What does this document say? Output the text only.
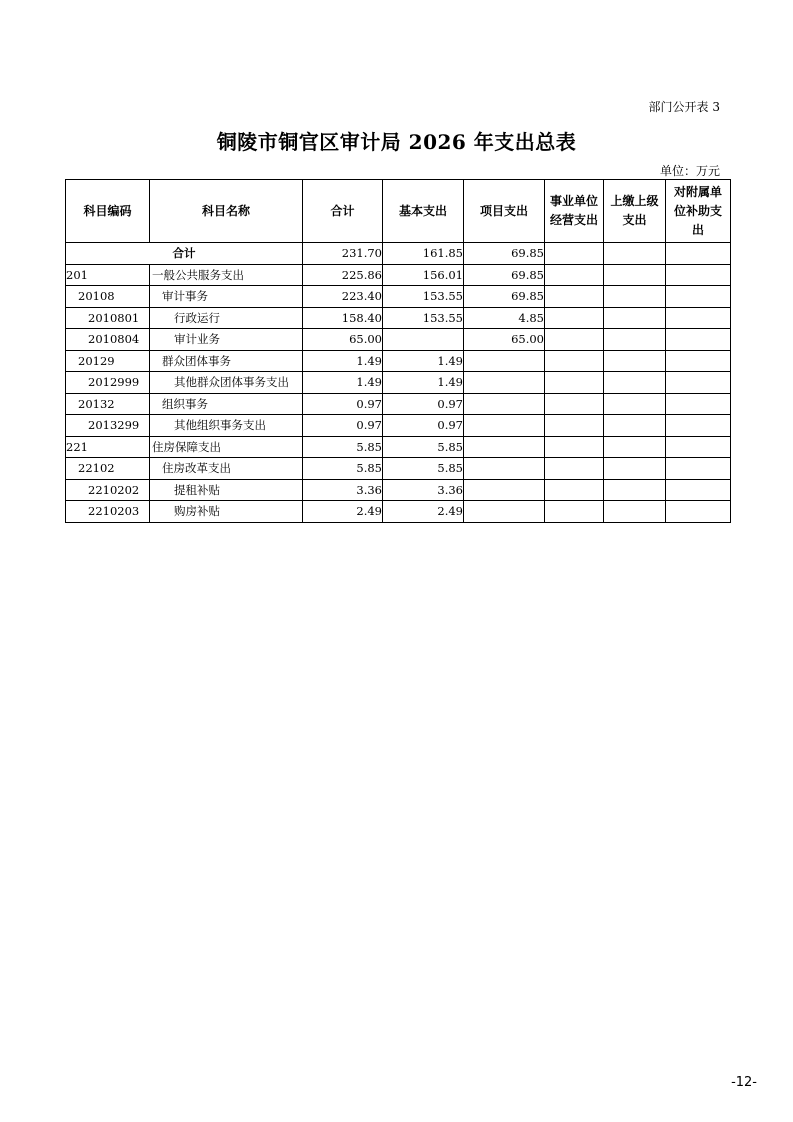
部门公开表 3
铜陵市铜官区审计局 2026 年支出总表
单位：万元
科目编码	科目名称	合计	基本支出	项目支出	事业单位经营支出	上缴上级支出	对附属单位补助支出
合计		231.70	161.85	69.85			
201	一般公共服务支出	225.86	156.01	69.85			
20108	审计事务	223.40	153.55	69.85			
2010801	行政运行	158.40	153.55	4.85			
2010804	审计业务	65.00		65.00			
20129	群众团体事务	1.49	1.49				
2012999	其他群众团体事务支出	1.49	1.49				
20132	组织事务	0.97	0.97				
2013299	其他组织事务支出	0.97	0.97				
221	住房保障支出	5.85	5.85				
22102	住房改革支出	5.85	5.85				
2210202	提租补贴	3.36	3.36				
2210203	购房补贴	2.49	2.49				
-12-
